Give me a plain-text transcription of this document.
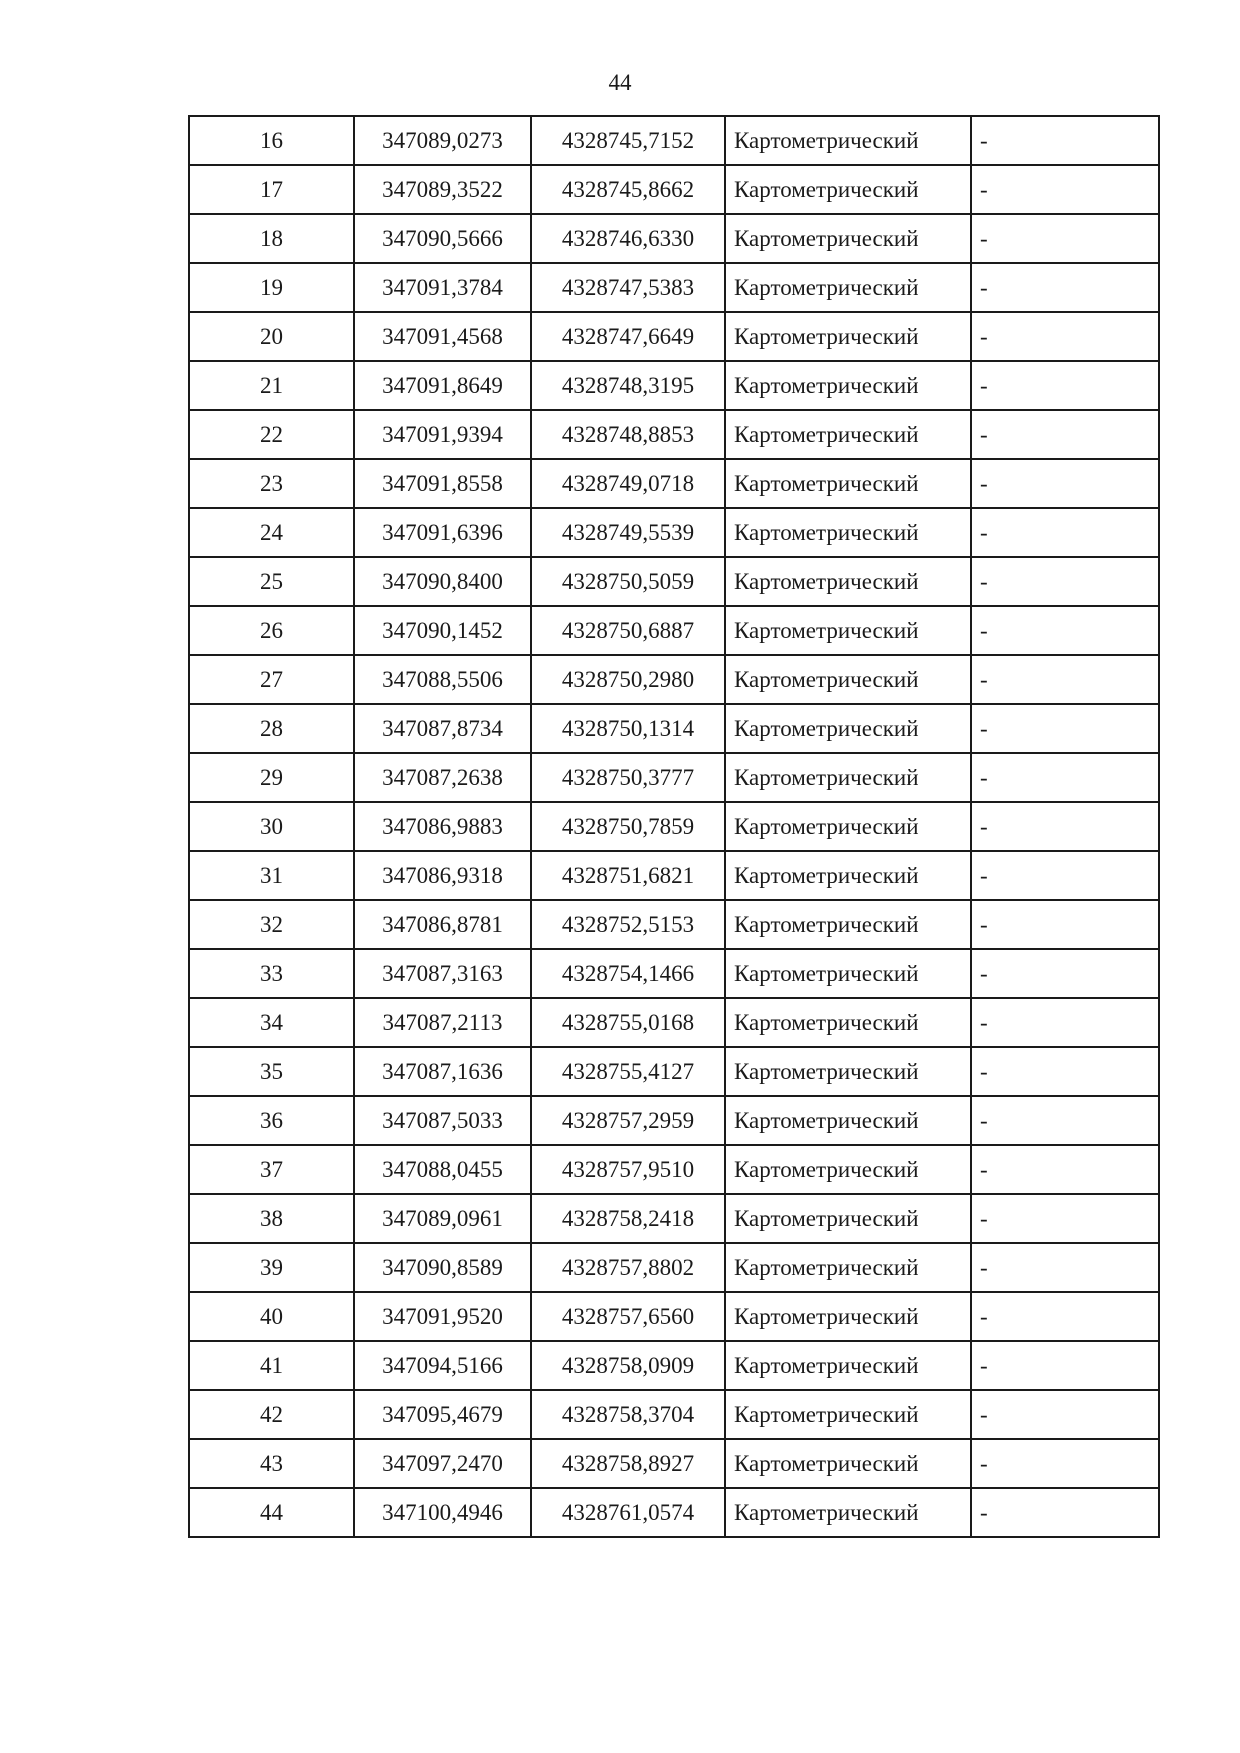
44
16	347089,0273	4328745,7152	Картометрический	-
17	347089,3522	4328745,8662	Картометрический	-
18	347090,5666	4328746,6330	Картометрический	-
19	347091,3784	4328747,5383	Картометрический	-
20	347091,4568	4328747,6649	Картометрический	-
21	347091,8649	4328748,3195	Картометрический	-
22	347091,9394	4328748,8853	Картометрический	-
23	347091,8558	4328749,0718	Картометрический	-
24	347091,6396	4328749,5539	Картометрический	-
25	347090,8400	4328750,5059	Картометрический	-
26	347090,1452	4328750,6887	Картометрический	-
27	347088,5506	4328750,2980	Картометрический	-
28	347087,8734	4328750,1314	Картометрический	-
29	347087,2638	4328750,3777	Картометрический	-
30	347086,9883	4328750,7859	Картометрический	-
31	347086,9318	4328751,6821	Картометрический	-
32	347086,8781	4328752,5153	Картометрический	-
33	347087,3163	4328754,1466	Картометрический	-
34	347087,2113	4328755,0168	Картометрический	-
35	347087,1636	4328755,4127	Картометрический	-
36	347087,5033	4328757,2959	Картометрический	-
37	347088,0455	4328757,9510	Картометрический	-
38	347089,0961	4328758,2418	Картометрический	-
39	347090,8589	4328757,8802	Картометрический	-
40	347091,9520	4328757,6560	Картометрический	-
41	347094,5166	4328758,0909	Картометрический	-
42	347095,4679	4328758,3704	Картометрический	-
43	347097,2470	4328758,8927	Картометрический	-
44	347100,4946	4328761,0574	Картометрический	-
